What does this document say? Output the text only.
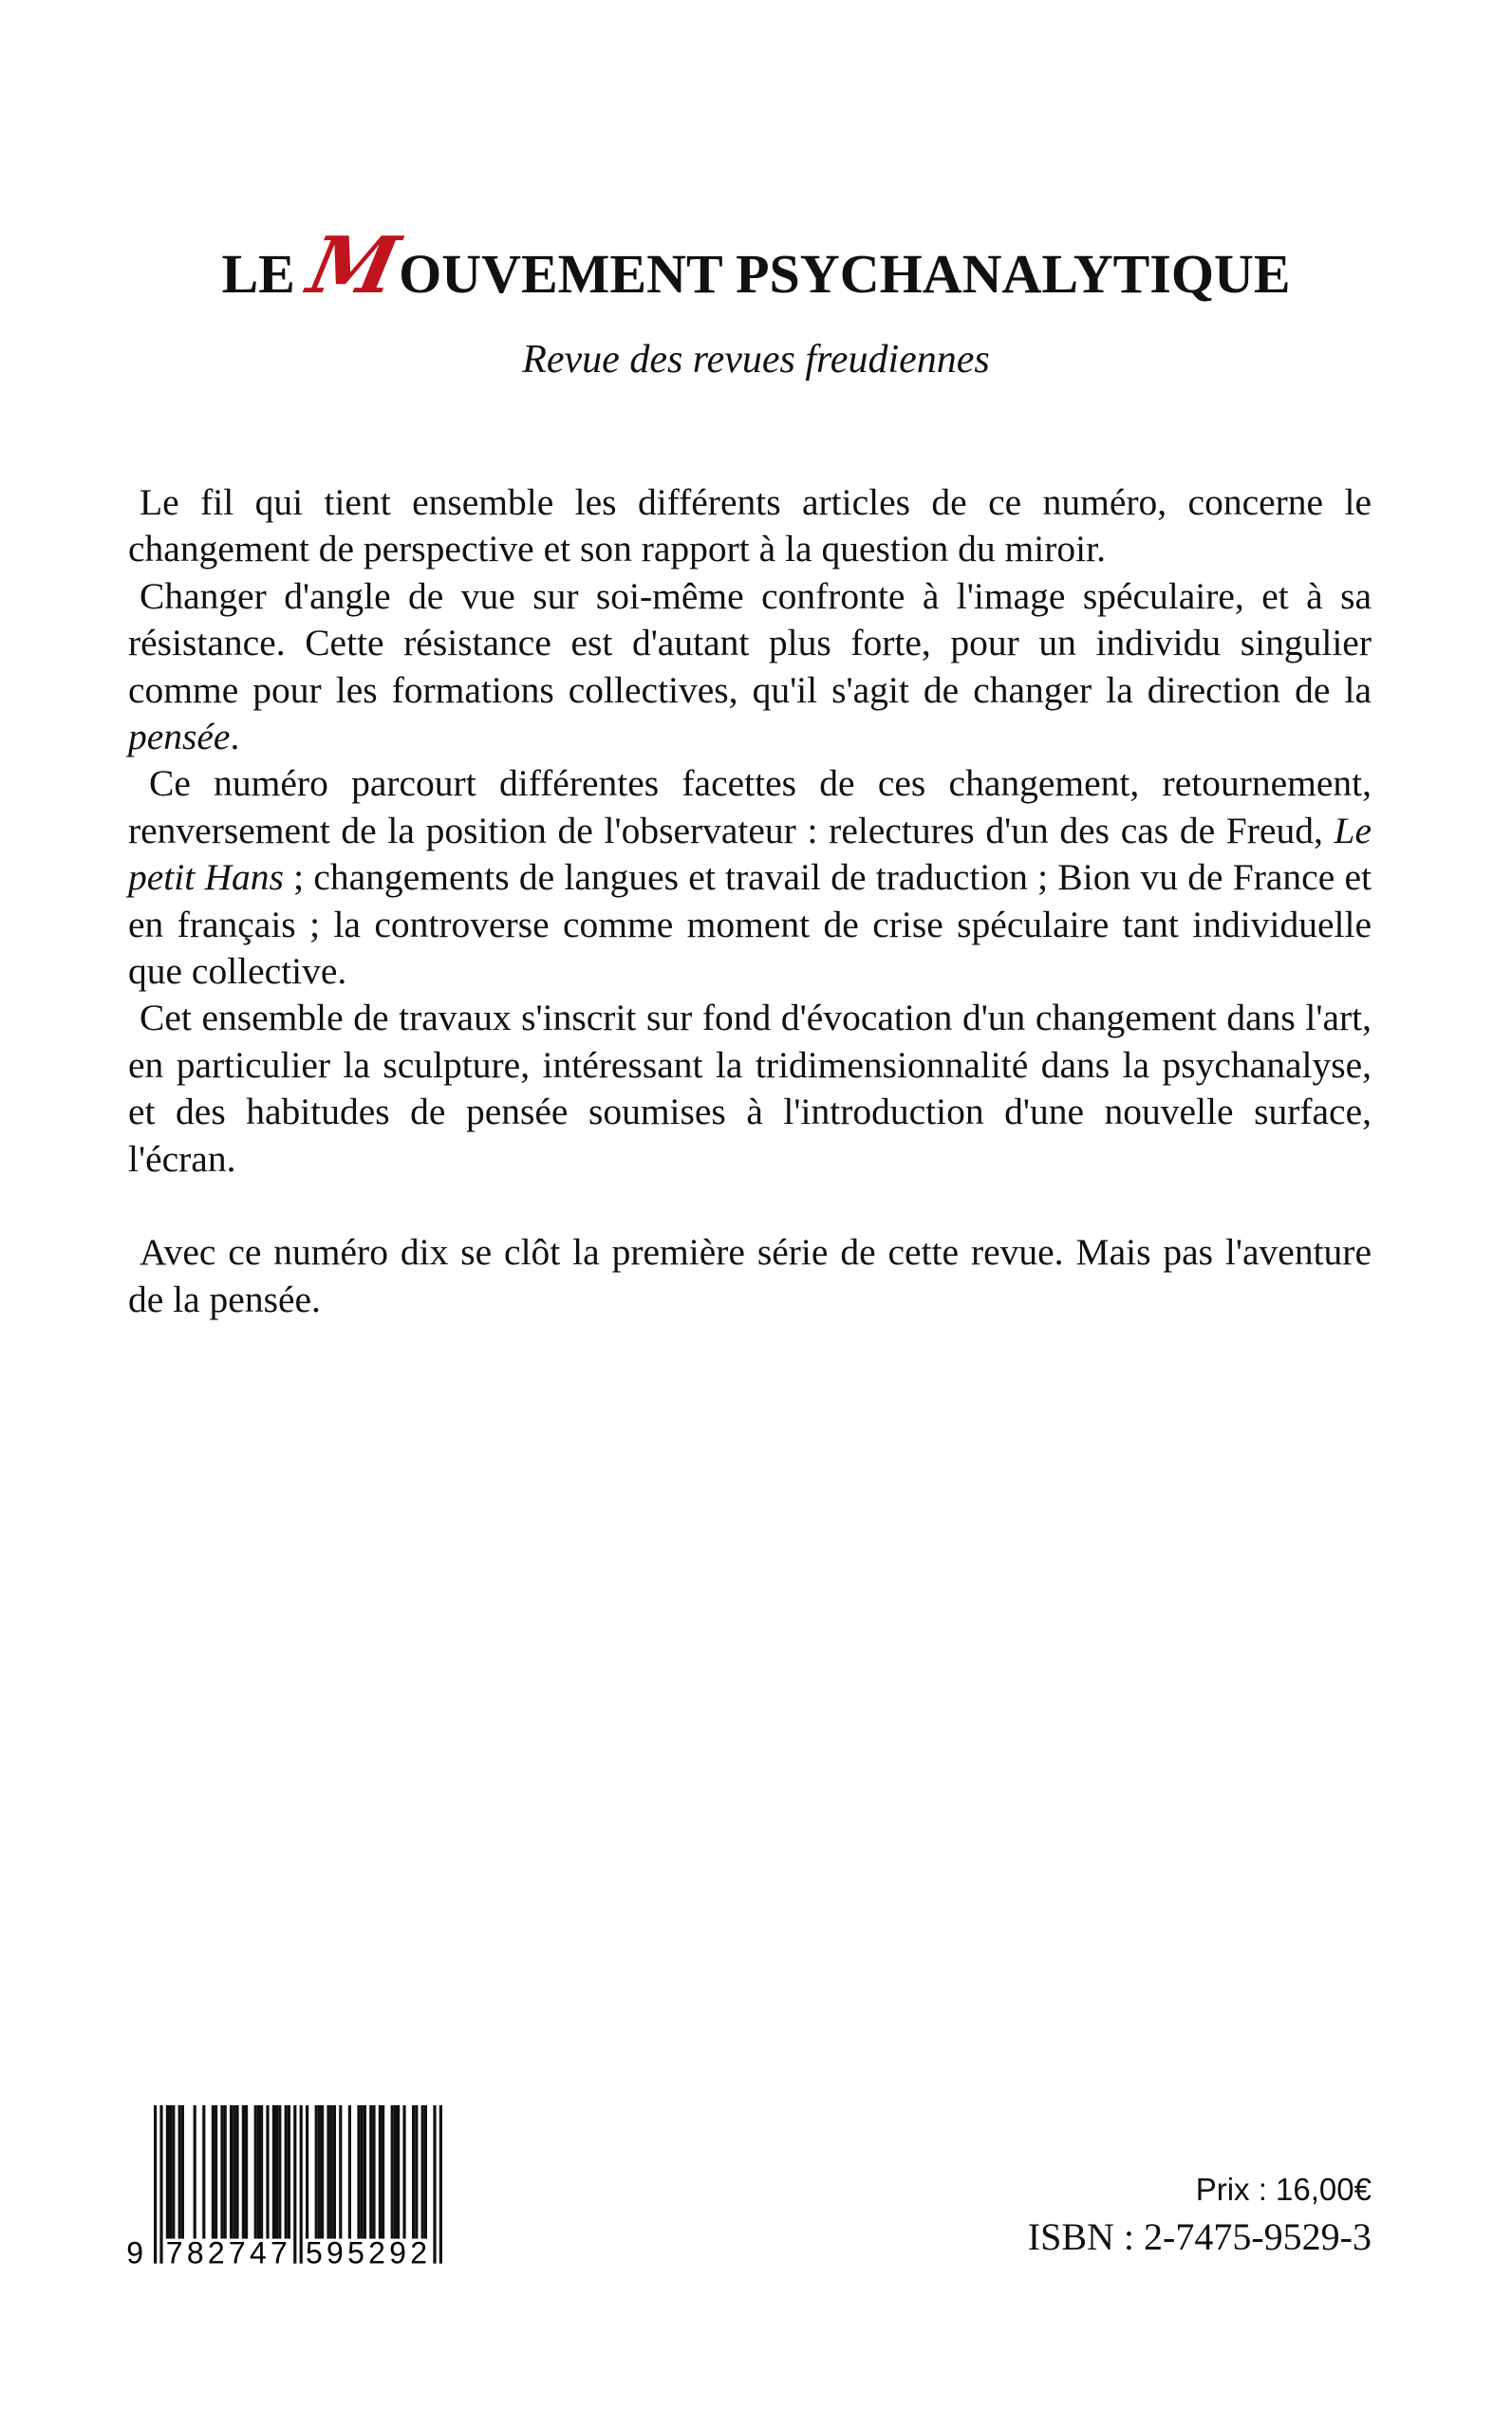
LE MOUVEMENT PSYCHANALYTIQUE
Revue des revues freudiennes

Le fil qui tient ensemble les différents articles de ce numéro, concerne le changement de perspective et son rapport à la question du miroir.

Changer d'angle de vue sur soi-même confronte à l'image spéculaire, et à sa résistance. Cette résistance est d'autant plus forte, pour un individu singulier comme pour les formations collectives, qu'il s'agit de changer la direction de la pensée.

Ce numéro parcourt différentes facettes de ces changement, retournement, renversement de la position de l'observateur : relectures d'un des cas de Freud, Le petit Hans ; changements de langues et travail de traduction ; Bion vu de France et en français ; la controverse comme moment de crise spéculaire tant individuelle que collective.

Cet ensemble de travaux s'inscrit sur fond d'évocation d'un changement dans l'art, en particulier la sculpture, intéressant la tridimensionnalité dans la psychanalyse, et des habitudes de pensée soumises à l'introduction d'une nouvelle surface, l'écran.

Avec ce numéro dix se clôt la première série de cette revue. Mais pas l'aventure de la pensée.

9 782747 595292
Prix : 16,00€
ISBN : 2-7475-9529-3
